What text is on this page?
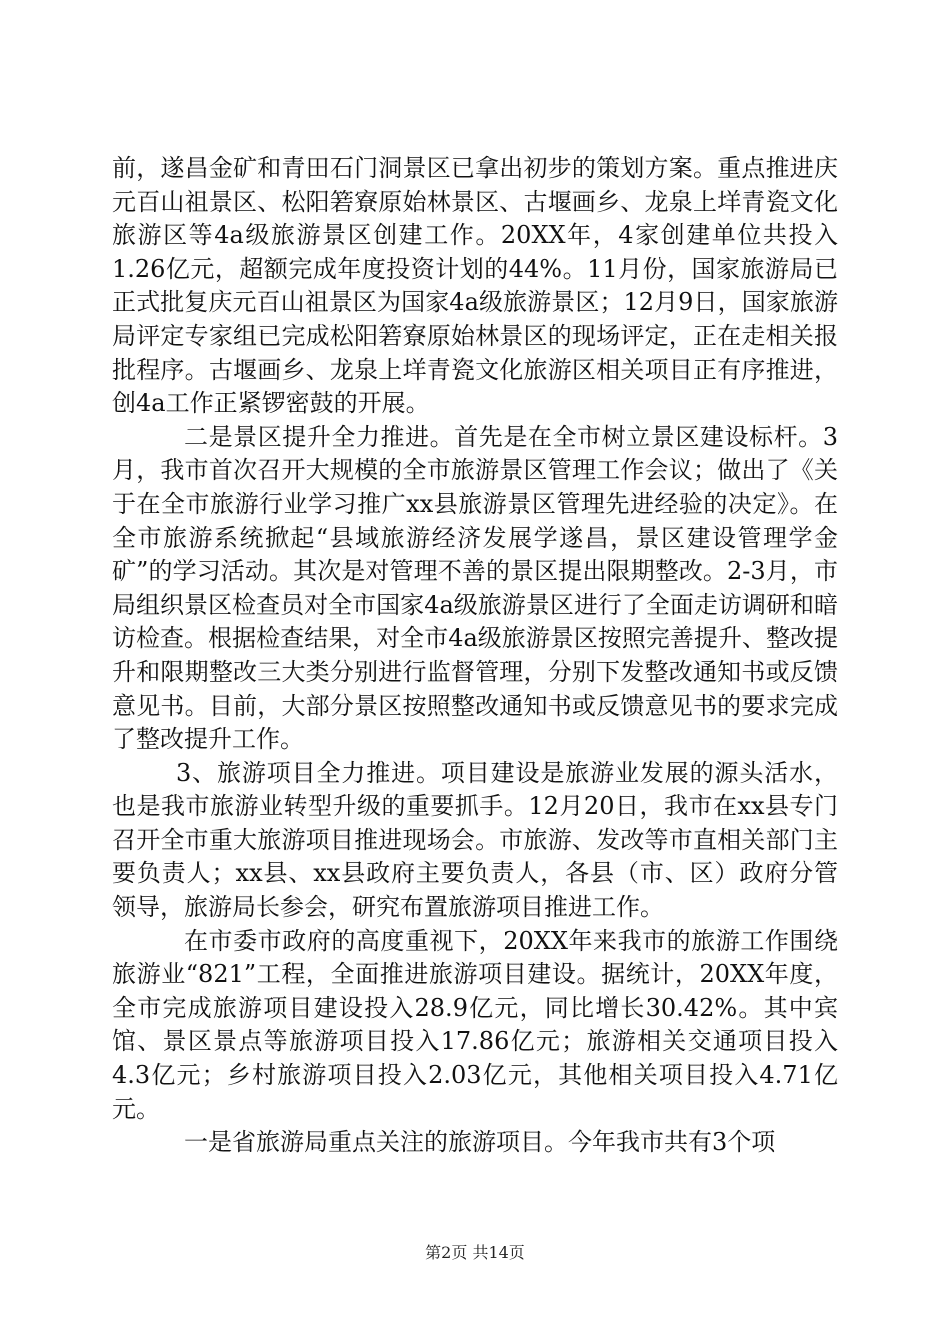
前，遂昌金矿和青田石门洞景区已拿出初步的策划方案。重点推进庆元百山祖景区、松阳箬寮原始林景区、古堰画乡、龙泉上垟青瓷文化旅游区等4a级旅游景区创建工作。20XX年，4家创建单位共投入1.26亿元，超额完成年度投资计划的44%。11月份，国家旅游局已正式批复庆元百山祖景区为国家4a级旅游景区；12月9日，国家旅游局评定专家组已完成松阳箬寮原始林景区的现场评定，正在走相关报批程序。古堰画乡、龙泉上垟青瓷文化旅游区相关项目正有序推进，创4a工作正紧锣密鼓的开展。

二是景区提升全力推进。首先是在全市树立景区建设标杆。3月，我市首次召开大规模的全市旅游景区管理工作会议；做出了《关于在全市旅游行业学习推广xx县旅游景区管理先进经验的决定》。在全市旅游系统掀起“县域旅游经济发展学遂昌，景区建设管理学金矿”的学习活动。其次是对管理不善的景区提出限期整改。2-3月，市局组织景区检查员对全市国家4a级旅游景区进行了全面走访调研和暗访检查。根据检查结果，对全市4a级旅游景区按照完善提升、整改提升和限期整改三大类分别进行监督管理，分别下发整改通知书或反馈意见书。目前，大部分景区按照整改通知书或反馈意见书的要求完成了整改提升工作。

3、旅游项目全力推进。项目建设是旅游业发展的源头活水，也是我市旅游业转型升级的重要抓手。12月20日，我市在xx县专门召开全市重大旅游项目推进现场会。市旅游、发改等市直相关部门主要负责人；xx县、xx县政府主要负责人，各县（市、区）政府分管领导，旅游局长参会，研究布置旅游项目推进工作。

在市委市政府的高度重视下，20XX年来我市的旅游工作围绕旅游业“821”工程，全面推进旅游项目建设。据统计，20XX年度，全市完成旅游项目建设投入28.9亿元，同比增长30.42%。其中宾馆、景区景点等旅游项目投入17.86亿元；旅游相关交通项目投入4.3亿元；乡村旅游项目投入2.03亿元，其他相关项目投入4.71亿元。

一是省旅游局重点关注的旅游项目。今年我市共有3个项

第2页 共14页
